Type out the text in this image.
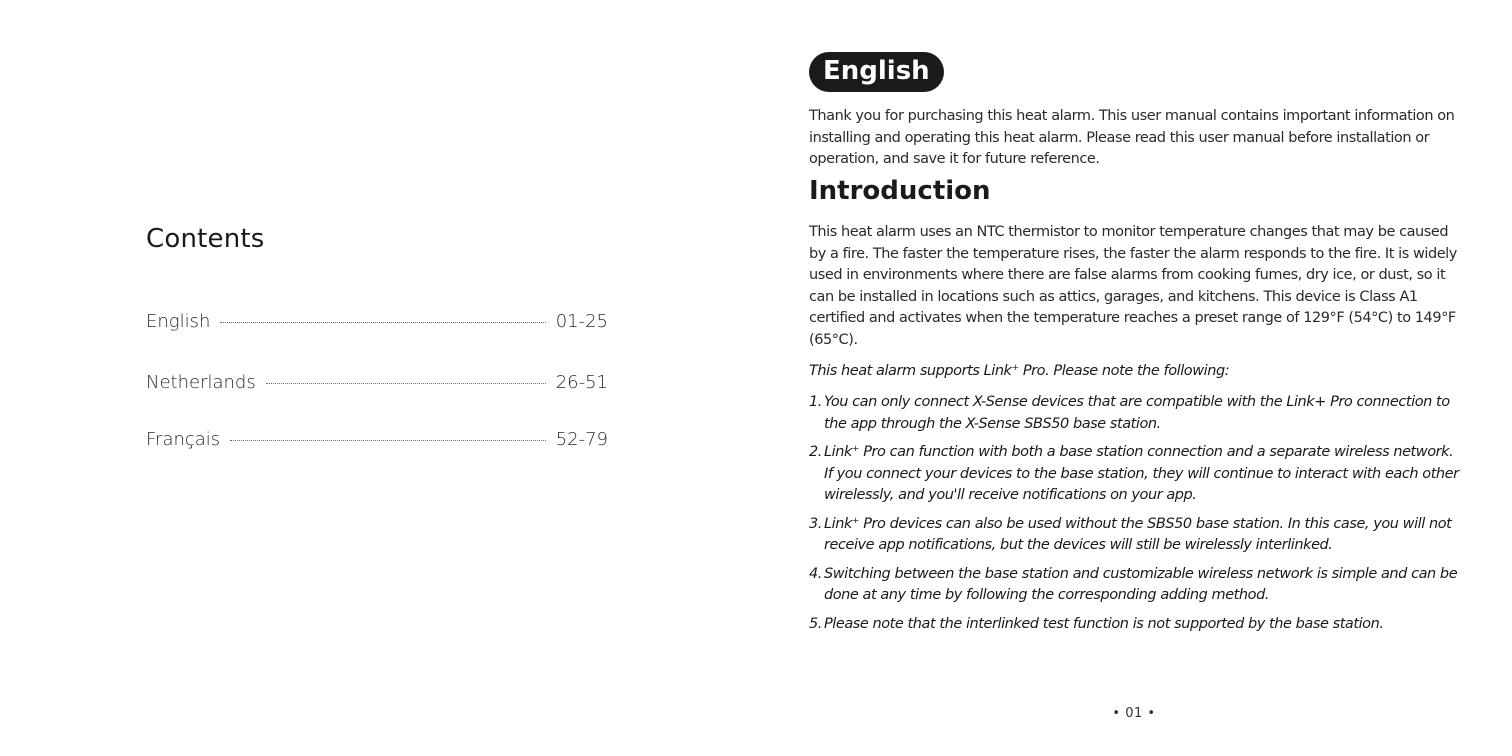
Contents
English	01-25
Netherlands	26-51
Français	52-79
English

Thank you for purchasing this heat alarm. This user manual contains important information on installing and operating this heat alarm. Please read this user manual before installation or operation, and save it for future reference.

Introduction

This heat alarm uses an NTC thermistor to monitor temperature changes that may be caused by a fire. The faster the temperature rises, the faster the alarm responds to the fire. It is widely used in environments where there are false alarms from cooking fumes, dry ice, or dust, so it can be installed in locations such as attics, garages, and kitchens. This device is Class A1 certified and activates when the temperature reaches a preset range of 129°F (54°C) to 149°F (65°C).

This heat alarm supports Link⁺ Pro. Please note the following:

1. You can only connect X-Sense devices that are compatible with the Link+ Pro connection to the app through the X-Sense SBS50 base station.
2. Link⁺ Pro can function with both a base station connection and a separate wireless network. If you connect your devices to the base station, they will continue to interact with each other wirelessly, and you'll receive notifications on your app.
3. Link⁺ Pro devices can also be used without the SBS50 base station. In this case, you will not receive app notifications, but the devices will still be wirelessly interlinked.
4. Switching between the base station and customizable wireless network is simple and can be done at any time by following the corresponding adding method.
5. Please note that the interlinked test function is not supported by the base station.
• 01 •
